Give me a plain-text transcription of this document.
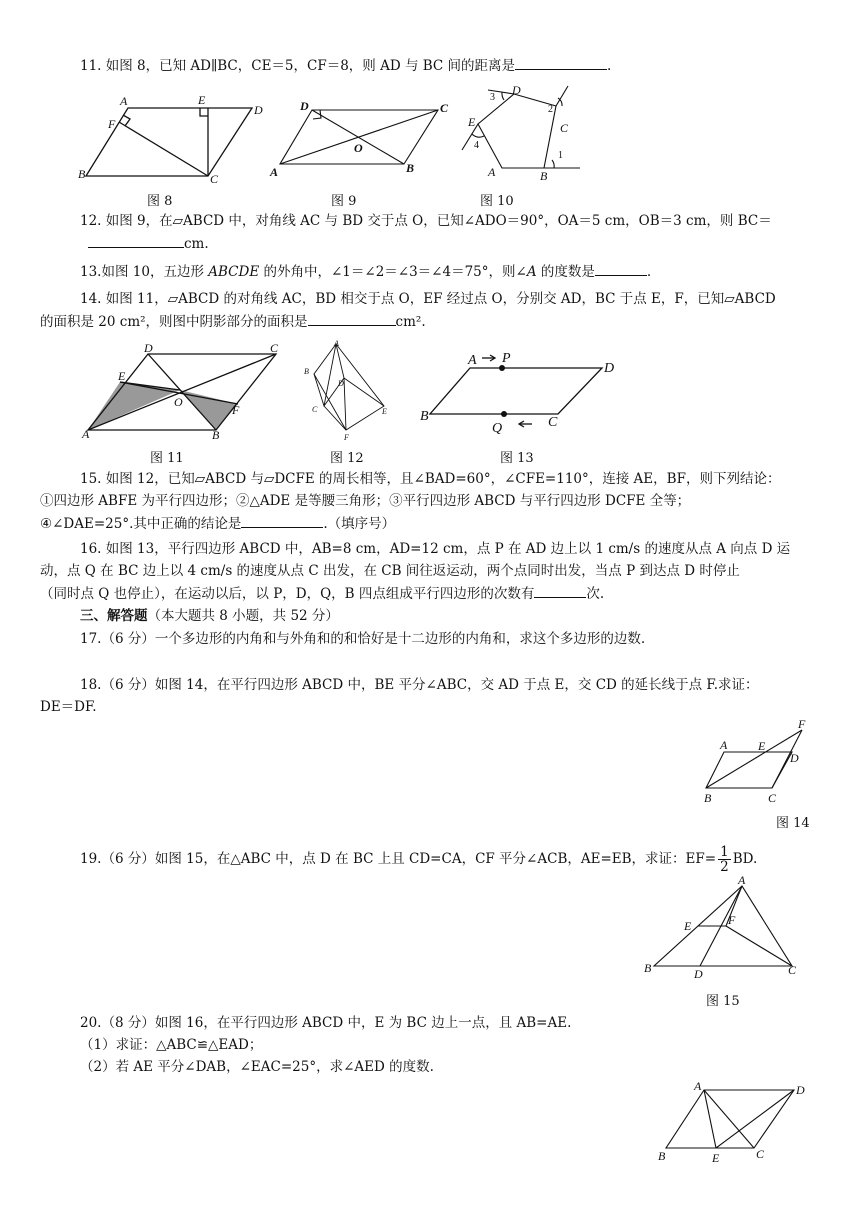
11. 如图 8，已知 AD∥BC，CE＝5，CF＝8，则 AD 与 BC 间的距离是	.
A
B	C
D
E
F
图 8
D	C
A	B
O
图 9
D
C
B
A
E
1
2
3
4
图 10
12. 如图 9，在▱ABCD 中，对角线 AC 与 BD 交于点 O，已知∠ADO＝90°，OA＝5 cm，OB＝3 cm，则 BC＝
cm.
13.如图 10，五边形 ABCDE 的外角中，∠1＝∠2＝∠3＝∠4＝75°，则∠A 的度数是	.
14. 如图 11，▱ABCD 的对角线 AC，BD 相交于点 O，EF 经过点 O，分别交 AD，BC 于点 E，F，已知▱ABCD
的面积是 20 cm²，则图中阴影部分的面积是	cm².
D	C
A	B
E
F
O
图 11
A
B
C
D
E
F
图 12
A P
D
B
Q	C
图 13
15. 如图 12，已知▱ABCD 与▱DCFE 的周长相等，且∠BAD=60°，∠CFE=110°，连接 AE，BF，则下列结论：
①四边形 ABFE 为平行四边形；②△ADE 是等腰三角形；③平行四边形 ABCD 与平行四边形 DCFE 全等；
④∠DAE=25°.其中正确的结论是	.（填序号）
16. 如图 13，平行四边形 ABCD 中，AB=8 cm，AD=12 cm，点 P 在 AD 边上以 1 cm/s 的速度从点 A 向点 D 运
动，点 Q 在 BC 边上以 4 cm/s 的速度从点 C 出发，在 CB 间往返运动，两个点同时出发，当点 P 到达点 D 时停止
（同时点 Q 也停止），在运动以后，以 P，D，Q，B 四点组成平行四边形的次数有	次.
三、解答题（本大题共 8 小题，共 52 分）
17.（6 分）一个多边形的内角和与外角和的和恰好是十二边形的内角和，求这个多边形的边数.
18.（6 分）如图 14，在平行四边形 ABCD 中，BE 平分∠ABC，交 AD 于点 E，交 CD 的延长线于点 F.求证：
DE＝DF.
A	E
F
D
B	C
图 14
19.（6 分）如图 15，在△ABC 中，点 D 在 BC 上且 CD=CA，CF 平分∠ACB，AE=EB，求证：$EF= \frac{1}{2}$ BD.
A
E	F
B	D	C
图 15
20.（8 分）如图 16，在平行四边形 ABCD 中，E 为 BC 边上一点，且 AB=AE.
（1）求证：△ABC≌△EAD；
（2）若 AE 平分∠DAB，∠EAC=25°，求∠AED 的度数.
A	D
B	E	C
